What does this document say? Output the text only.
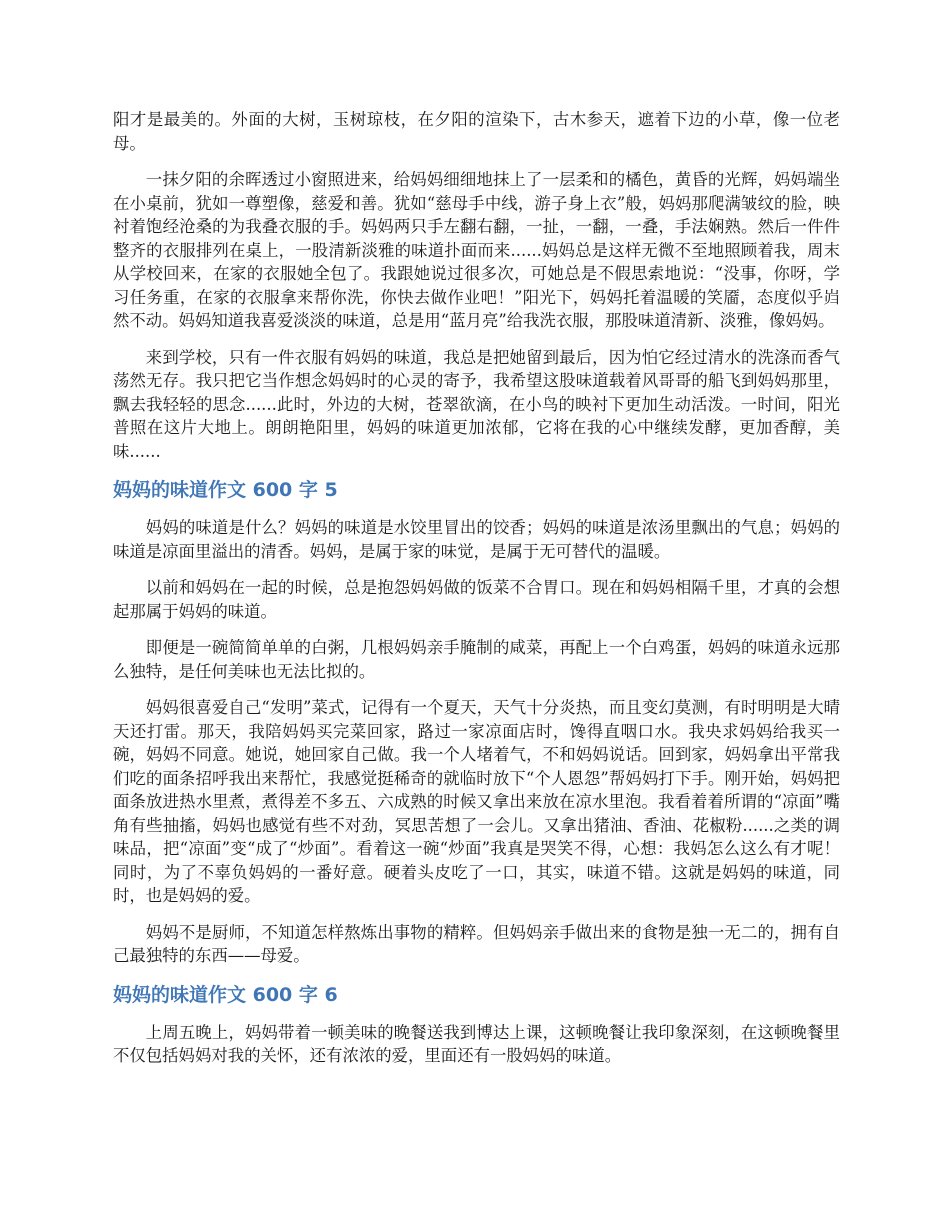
阳才是最美的。外面的大树，玉树琼枝，在夕阳的渲染下，古木参天，遮着下边的小草，像一位老母。

一抹夕阳的余晖透过小窗照进来，给妈妈细细地抹上了一层柔和的橘色，黄昏的光辉，妈妈端坐在小桌前，犹如一尊塑像，慈爱和善。犹如“慈母手中线，游子身上衣”般，妈妈那爬满皱纹的脸，映衬着饱经沧桑的为我叠衣服的手。妈妈两只手左翻右翻，一扯，一翻，一叠，手法娴熟。然后一件件整齐的衣服排列在桌上，一股清新淡雅的味道扑面而来......妈妈总是这样无微不至地照顾着我，周末从学校回来，在家的衣服她全包了。我跟她说过很多次，可她总是不假思索地说：“没事，你呀，学习任务重，在家的衣服拿来帮你洗，你快去做作业吧！”阳光下，妈妈托着温暖的笑靥，态度似乎岿然不动。妈妈知道我喜爱淡淡的味道，总是用“蓝月亮”给我洗衣服，那股味道清新、淡雅，像妈妈。

来到学校，只有一件衣服有妈妈的味道，我总是把她留到最后，因为怕它经过清水的洗涤而香气荡然无存。我只把它当作想念妈妈时的心灵的寄予，我希望这股味道载着风哥哥的船飞到妈妈那里，飘去我轻轻的思念......此时，外边的大树，苍翠欲滴，在小鸟的映衬下更加生动活泼。一时间，阳光普照在这片大地上。朗朗艳阳里，妈妈的味道更加浓郁，它将在我的心中继续发酵，更加香醇，美味......

妈妈的味道作文 600 字 5

妈妈的味道是什么？妈妈的味道是水饺里冒出的饺香；妈妈的味道是浓汤里飘出的气息；妈妈的味道是凉面里溢出的清香。妈妈，是属于家的味觉，是属于无可替代的温暖。

以前和妈妈在一起的时候，总是抱怨妈妈做的饭菜不合胃口。现在和妈妈相隔千里，才真的会想起那属于妈妈的味道。

即便是一碗简简单单的白粥，几根妈妈亲手腌制的咸菜，再配上一个白鸡蛋，妈妈的味道永远那么独特，是任何美味也无法比拟的。

妈妈很喜爱自己“发明”菜式，记得有一个夏天，天气十分炎热，而且变幻莫测，有时明明是大晴天还打雷。那天，我陪妈妈买完菜回家，路过一家凉面店时，馋得直咽口水。我央求妈妈给我买一碗，妈妈不同意。她说，她回家自己做。我一个人堵着气，不和妈妈说话。回到家，妈妈拿出平常我们吃的面条招呼我出来帮忙，我感觉挺稀奇的就临时放下“个人恩怨”帮妈妈打下手。刚开始，妈妈把面条放进热水里煮，煮得差不多五、六成熟的时候又拿出来放在凉水里泡。我看着着所谓的“凉面”嘴角有些抽搐，妈妈也感觉有些不对劲，冥思苦想了一会儿。又拿出猪油、香油、花椒粉......之类的调味品，把“凉面”变“成了“炒面”。看着这一碗“炒面”我真是哭笑不得，心想：我妈怎么这么有才呢！同时，为了不辜负妈妈的一番好意。硬着头皮吃了一口，其实，味道不错。这就是妈妈的味道，同时，也是妈妈的爱。

妈妈不是厨师，不知道怎样熬炼出事物的精粹。但妈妈亲手做出来的食物是独一无二的，拥有自己最独特的东西——母爱。

妈妈的味道作文 600 字 6

上周五晚上，妈妈带着一顿美味的晚餐送我到博达上课，这顿晚餐让我印象深刻，在这顿晚餐里不仅包括妈妈对我的关怀，还有浓浓的爱，里面还有一股妈妈的味道。
